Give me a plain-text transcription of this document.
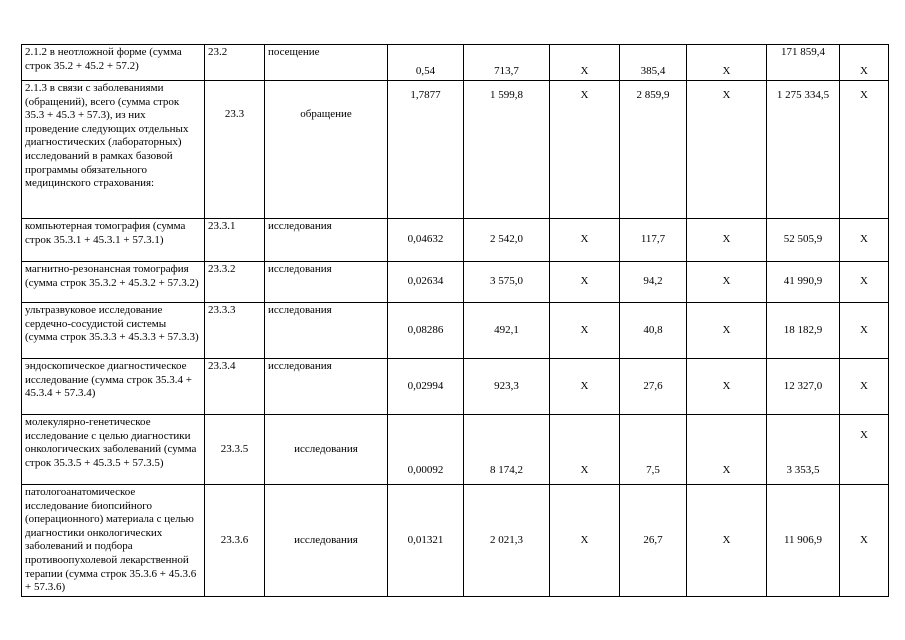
2.1.2 в неотложной форме (сумма строк 35.2 + 45.2 + 57.2)	23.2	посещение	0,54	713,7	X	385,4	X	171 859,4	X
2.1.3 в связи с заболеваниями (обращений), всего (сумма строк 35.3 + 45.3 + 57.3), из них проведение следующих отдельных диагностических (лабораторных) исследований в рамках базовой программы обязательного медицинского страхования:	23.3	обращение	1,7877	1 599,8	X	2 859,9	X	1 275 334,5	X
компьютерная томография (сумма строк 35.3.1 + 45.3.1 + 57.3.1)	23.3.1	исследования	0,04632	2 542,0	X	117,7	X	52 505,9	X
магнитно-резонансная томография (сумма строк 35.3.2 + 45.3.2 + 57.3.2)	23.3.2	исследования	0,02634	3 575,0	X	94,2	X	41 990,9	X
ультразвуковое исследование сердечно-сосудистой системы (сумма строк 35.3.3 + 45.3.3 + 57.3.3)	23.3.3	исследования	0,08286	492,1	X	40,8	X	18 182,9	X
эндоскопическое диагностическое исследование (сумма строк 35.3.4 + 45.3.4 + 57.3.4)	23.3.4	исследования	0,02994	923,3	X	27,6	X	12 327,0	X
молекулярно-генетическое исследование с целью диагностики онкологических заболеваний (сумма строк 35.3.5 + 45.3.5 + 57.3.5)	23.3.5	исследования	0,00092	8 174,2	X	7,5	X	3 353,5	X
патологоанатомическое исследование биопсийного (операционного) материала с целью диагностики онкологических заболеваний и подбора противоопухолевой лекарственной терапии (сумма строк 35.3.6 + 45.3.6 + 57.3.6)	23.3.6	исследования	0,01321	2 021,3	X	26,7	X	11 906,9	X
